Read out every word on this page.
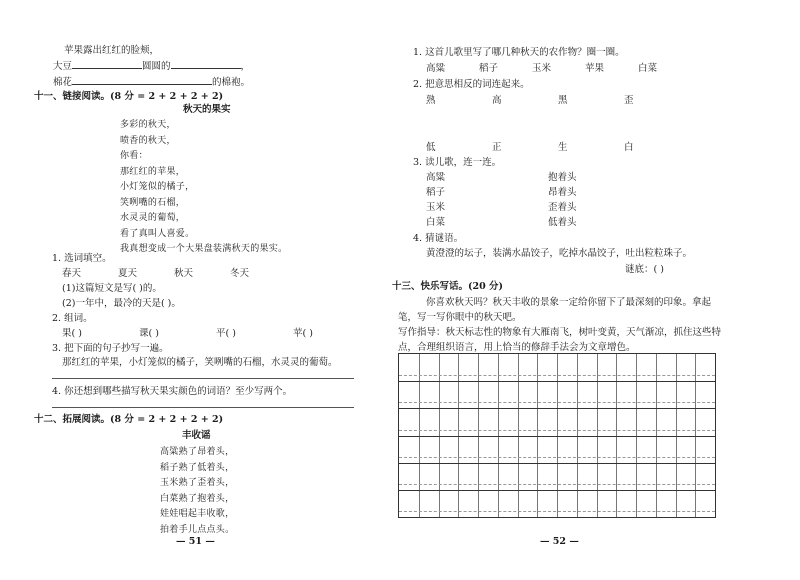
苹果露出红红的脸颊，
大豆	圆圆的	，
棉花	的棉袍。
十一、链接阅读。(8 分 = 2 + 2 + 2 + 2)
秋天的果实
多彩的秋天，
喷香的秋天，
你看：
那红红的苹果，
小灯笼似的橘子，
笑咧嘴的石榴，
水灵灵的葡萄，
看了真叫人喜爱。
我真想变成一个大果盘装满秋天的果实。
1. 选词填空。
春天	夏天	秋天	冬天
(1)这篇短文是写( )的。
(2)一年中，最冷的天是( )。
2. 组词。
果( )	课( )	平( )	苹( )
3. 把下面的句子抄写一遍。
那红红的苹果，小灯笼似的橘子，笑咧嘴的石榴，水灵灵的葡萄。
4. 你还想到哪些描写秋天果实颜色的词语？至少写两个。
十二、拓展阅读。(8 分 = 2 + 2 + 2 + 2)
丰收谣
高粱熟了昂着头，
稻子熟了低着头，
玉米熟了歪着头，
白菜熟了抱着头，
娃娃唱起丰收歌，
拍着手儿点点头。
— 51 —
1. 这首儿歌里写了哪几种秋天的农作物？圈一圈。
高粱	稻子	玉米	苹果	白菜
2. 把意思相反的词连起来。
熟	高	黑	歪
低	正	生	白
3. 读儿歌，连一连。
高粱
稻子
玉米
白菜
抱着头
昂着头
歪着头
低着头
4. 猜谜语。
黄澄澄的坛子，装满水晶饺子，吃掉水晶饺子，吐出粒粒珠子。
谜底：( )
十三、快乐写话。(20 分)
你喜欢秋天吗？秋天丰收的景象一定给你留下了最深刻的印象。拿起
笔，写一写你眼中的秋天吧。
写作指导：秋天标志性的物象有大雁南飞，树叶变黄，天气渐凉，抓住这些特
点，合理组织语言，用上恰当的修辞手法会为文章增色。
— 52 —
